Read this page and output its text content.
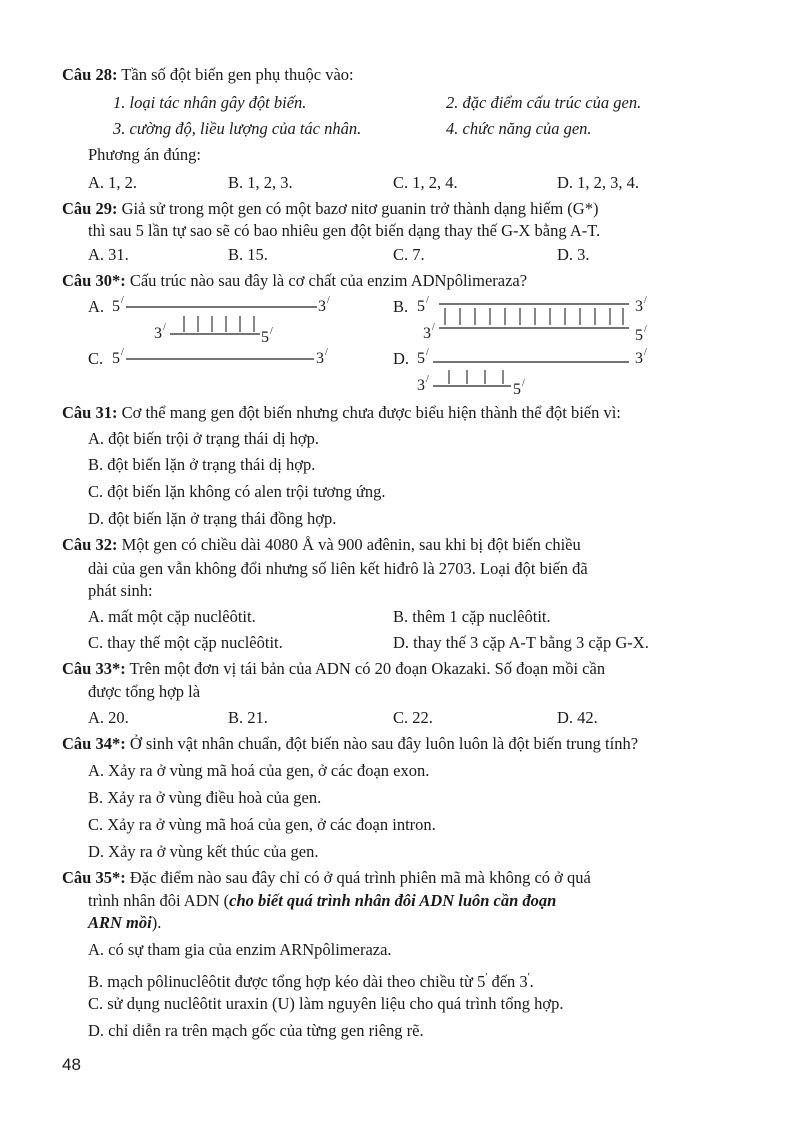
Câu 28: Tần số đột biến gen phụ thuộc vào:
1. loại tác nhân gây đột biến.	2. đặc điểm cấu trúc của gen.
3. cường độ, liều lượng của tác nhân.	4. chức năng của gen.
Phương án đúng:
A. 1, 2.	B. 1, 2, 3.	C. 1, 2, 4.	D. 1, 2, 3, 4.
Câu 29: Giả sử trong một gen có một bazơ nitơ guanin trở thành dạng hiếm (G*)
thì sau 5 lần tự sao sẽ có bao nhiêu gen đột biến dạng thay thế G-X bằng A-T.
A. 31.	B. 15.	C. 7.	D. 3.
Câu 30*: Cấu trúc nào sau đây là cơ chất của enzim ADNpôlimeraza?
A. 5 /	3 /
3 /
5 /
B. 5 /	3 /
3 /	5 /
C. 5 /	3 /	D. 5 /	3 /
3 /
5 /
Câu 31: Cơ thể mang gen đột biến nhưng chưa được biểu hiện thành thể đột biến vì:
A. đột biến trội ở trạng thái dị hợp.
B. đột biến lặn ở trạng thái dị hợp.
C. đột biến lặn không có alen trội tương ứng.
D. đột biến lặn ở trạng thái đồng hợp.
Câu 32: Một gen có chiều dài 4080 Å và 900 ađênin, sau khi bị đột biến chiều
dài của gen vẫn không đổi nhưng số liên kết hiđrô là 2703. Loại đột biến đã
phát sinh:
A. mất một cặp nuclêôtit.	B. thêm 1 cặp nuclêôtit.
C. thay thế một cặp nuclêôtit.	D. thay thế 3 cặp A-T bằng 3 cặp G-X.
Câu 33*: Trên một đơn vị tái bản của ADN có 20 đoạn Okazaki. Số đoạn mồi cần
được tổng hợp là
A. 20.	B. 21.	C. 22.	D. 42.
Câu 34*: Ở sinh vật nhân chuẩn, đột biến nào sau đây luôn luôn là đột biến trung tính?
A. Xảy ra ở vùng mã hoá của gen, ở các đoạn exon.
B. Xảy ra ở vùng điều hoà của gen.
C. Xảy ra ở vùng mã hoá của gen, ở các đoạn intron.
D. Xảy ra ở vùng kết thúc của gen.
Câu 35*: Đặc điểm nào sau đây chỉ có ở quá trình phiên mã mà không có ở quá
trình nhân đôi ADN (cho biết quá trình nhân đôi ADN luôn cần đoạn
ARN mồi).
A. có sự tham gia của enzim ARNpôlimeraza.
B. mạch pôlinuclêôtit được tổng hợp kéo dài theo chiều từ 5' đến 3'.
C. sử dụng nuclêôtit uraxin (U) làm nguyên liệu cho quá trình tổng hợp.
D. chỉ diễn ra trên mạch gốc của từng gen riêng rẽ.
48
